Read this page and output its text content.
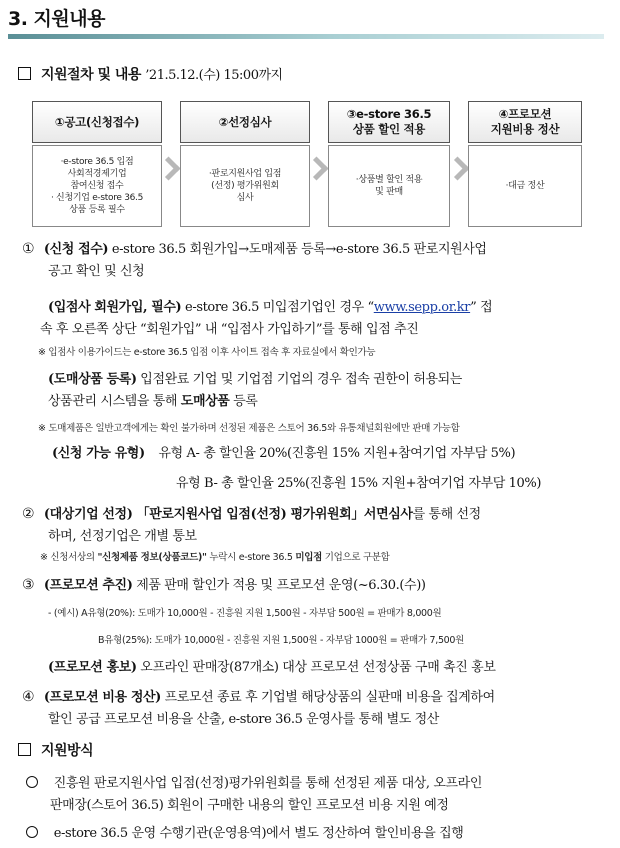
3. 지원내용
지원절차 및 내용 ’21.5.12.(수) 15:00까지
①공고(신청접수)
·e-store 36.5 입점
사회적경제기업
참여신청 접수
· 신청기업 e-store 36.5
상품 등록 필수
②선정심사
·판로지원사업 입점
(선정) 평가위원회
심사
③e-store 36.5
상품 할인 적용
·상품별 할인 적용
및 판매
④프로모션
지원비용 정산
·대금 정산
① (신청 접수) e-store 36.5 회원가입→도매제품 등록→e-store 36.5 판로지원사업
공고 확인 및 신청
(입점사 회원가입, 필수) e-store 36.5 미입점기업인 경우 “www.sepp.or.kr” 접
속 후 오른쪽 상단 “회원가입” 내 “입점사 가입하기”를 통해 입점 추진
※ 입점사 이용가이드는 e-store 36.5 입점 이후 사이트 접속 후 자료실에서 확인가능
(도매상품 등록) 입점완료 기업 및 기업점 기업의 경우 접속 권한이 허용되는
상품관리 시스템을 통해 도매상품 등록
※ 도매제품은 일반고객에게는 확인 불가하며 선정된 제품은 스토어 36.5와 유통채널회원에만 판매 가능함
(신청 가능 유형) 유형 A- 총 할인율 20%(진흥원 15% 지원+참여기업 자부담 5%)
유형 B- 총 할인율 25%(진흥원 15% 지원+참여기업 자부담 10%)
② (대상기업 선정) 「판로지원사업 입점(선정) 평가위원회」서면심사를 통해 선정
하며, 선정기업은 개별 통보
※ 신청서상의 "신청제품 정보(상품코드)" 누락시 e-store 36.5 미입점 기업으로 구분함
③ (프로모션 추진) 제품 판매 할인가 적용 및 프로모션 운영(~6.30.(수))
- (예시) A유형(20%): 도매가 10,000원 - 진흥원 지원 1,500원 - 자부담 500원 = 판매가 8,000원
B유형(25%): 도매가 10,000원 - 진흥원 지원 1,500원 - 자부담 1000원 = 판매가 7,500원
(프로모션 홍보) 오프라인 판매장(87개소) 대상 프로모션 선정상품 구매 촉진 홍보
④ (프로모션 비용 정산) 프로모션 종료 후 기업별 해당상품의 실판매 비용을 집계하여
할인 공급 프로모션 비용을 산출, e-store 36.5 운영사를 통해 별도 정산
지원방식
진흥원 판로지원사업 입점(선정)평가위원회를 통해 선정된 제품 대상, 오프라인
판매장(스토어 36.5) 회원이 구매한 내용의 할인 프로모션 비용 지원 예정
e-store 36.5 운영 수행기관(운영용역)에서 별도 정산하여 할인비용을 집행
